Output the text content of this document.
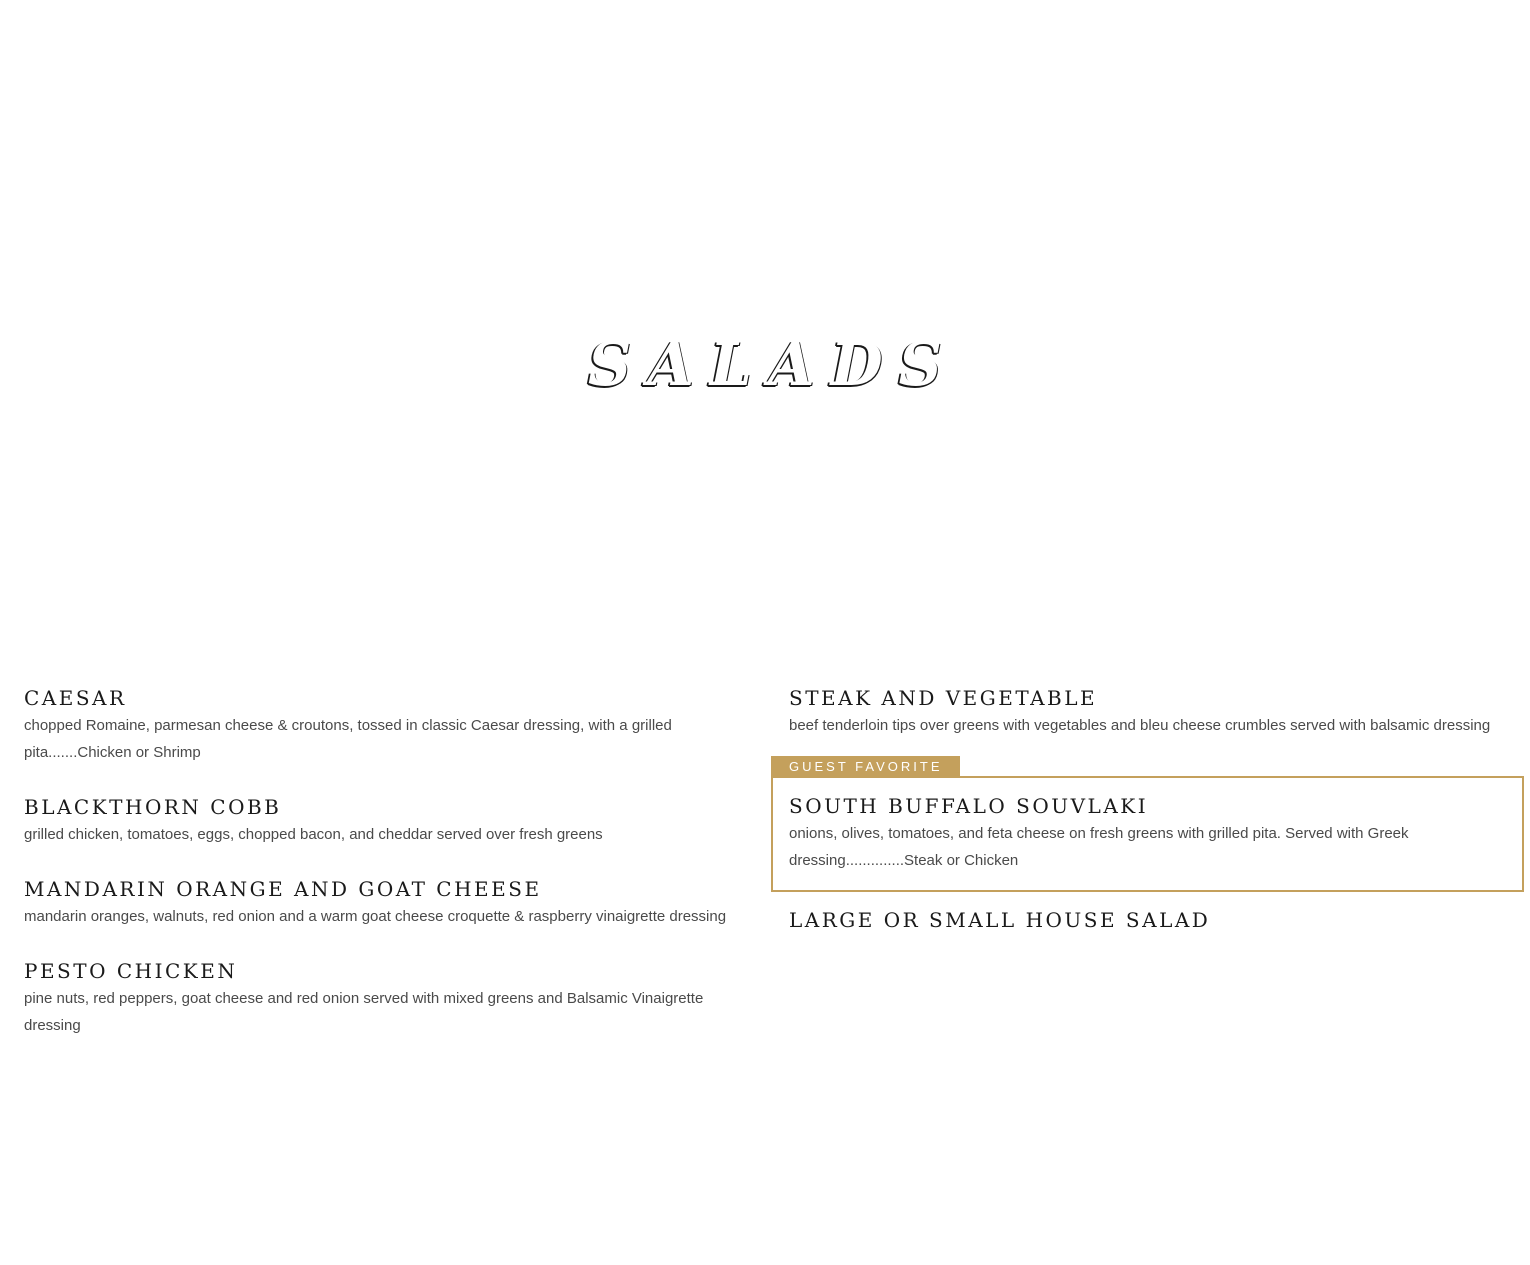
SALADS
CAESAR

chopped Romaine, parmesan cheese & croutons, tossed in classic Caesar dressing, with a grilled pita.......Chicken or Shrimp

BLACKTHORN COBB

grilled chicken, tomatoes, eggs, chopped bacon, and cheddar served over fresh greens

MANDARIN ORANGE AND GOAT CHEESE

mandarin oranges, walnuts, red onion and a warm goat cheese croquette & raspberry vinaigrette dressing

PESTO CHICKEN

pine nuts, red peppers, goat cheese and red onion served with mixed greens and Balsamic Vinaigrette dressing

STEAK AND VEGETABLE

beef tenderloin tips over greens with vegetables and bleu cheese crumbles served with balsamic dressing

GUEST FAVORITE
SOUTH BUFFALO SOUVLAKI

onions, olives, tomatoes, and feta cheese on fresh greens with grilled pita. Served with Greek dressing..............Steak or Chicken

LARGE OR SMALL HOUSE SALAD
